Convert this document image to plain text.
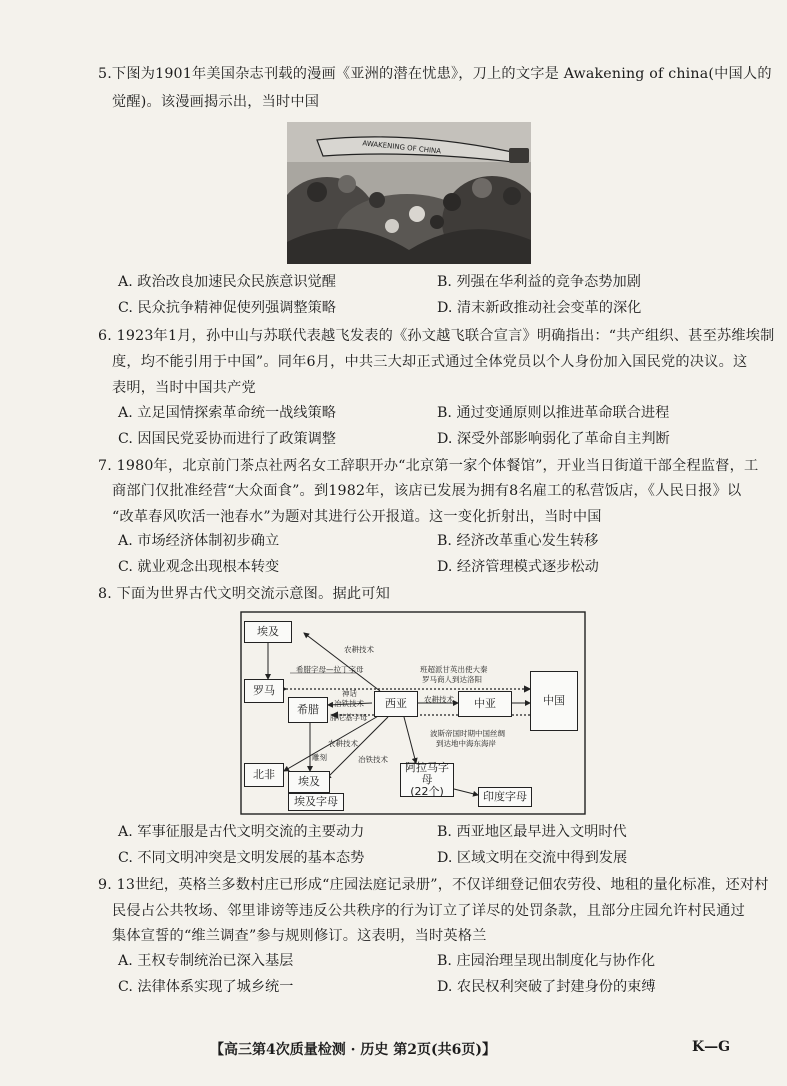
5.下图为1901年美国杂志刊载的漫画《亚洲的潜在忧患》，刀上的文字是 Awakening of china(中国人的
觉醒)。该漫画揭示出，当时中国
AWAKENING OF CHINA
A. 政治改良加速民众民族意识觉醒	B. 列强在华利益的竞争态势加剧
C. 民众抗争精神促使列强调整策略	D. 清末新政推动社会变革的深化
6. 1923年1月，孙中山与苏联代表越飞发表的《孙文越飞联合宣言》明确指出：“共产组织、甚至苏维埃制
度，均不能引用于中国”。同年6月，中共三大却正式通过全体党员以个人身份加入国民党的决议。这
表明，当时中国共产党
A. 立足国情探索革命统一战线策略	B. 通过变通原则以推进革命联合进程
C. 因国民党妥协而进行了政策调整	D. 深受外部影响弱化了革命自主判断
7. 1980年，北京前门茶点社两名女工辞职开办“北京第一家个体餐馆”，开业当日街道干部全程监督，工
商部门仅批准经营“大众面食”。到1982年，该店已发展为拥有8名雇工的私营饭店，《人民日报》以
“改革春风吹活一池春水”为题对其进行公开报道。这一变化折射出，当时中国
A. 市场经济体制初步确立	B. 经济改革重心发生转移
C. 就业观念出现根本转变	D. 经济管理模式逐步松动
8. 下面为世界古代文明交流示意图。据此可知
埃及
罗马
希腊	西亚	中亚	中国
北非
埃及
埃及字母
阿拉马字母
(22个)	印度字母
农耕技术
希腊字母—拉丁字母	班超派甘英出使大秦
罗马商人到达洛阳
神话
冶铁技术
腓尼基字母
农耕技术
农耕技术
波斯帝国时期中国丝绸
到达地中海东海岸
雕刻	冶铁技术
A. 军事征服是古代文明交流的主要动力	B. 西亚地区最早进入文明时代
C. 不同文明冲突是文明发展的基本态势	D. 区域文明在交流中得到发展
9. 13世纪，英格兰多数村庄已形成“庄园法庭记录册”，不仅详细登记佃农劳役、地租的量化标准，还对村
民侵占公共牧场、邻里诽谤等违反公共秩序的行为订立了详尽的处罚条款，且部分庄园允许村民通过
集体宣誓的“维兰调查”参与规则修订。这表明，当时英格兰
A. 王权专制统治已深入基层	B. 庄园治理呈现出制度化与协作化
C. 法律体系实现了城乡统一	D. 农民权利突破了封建身份的束缚
【高三第4次质量检测 · 历史 第2页(共6页)】	K—G
